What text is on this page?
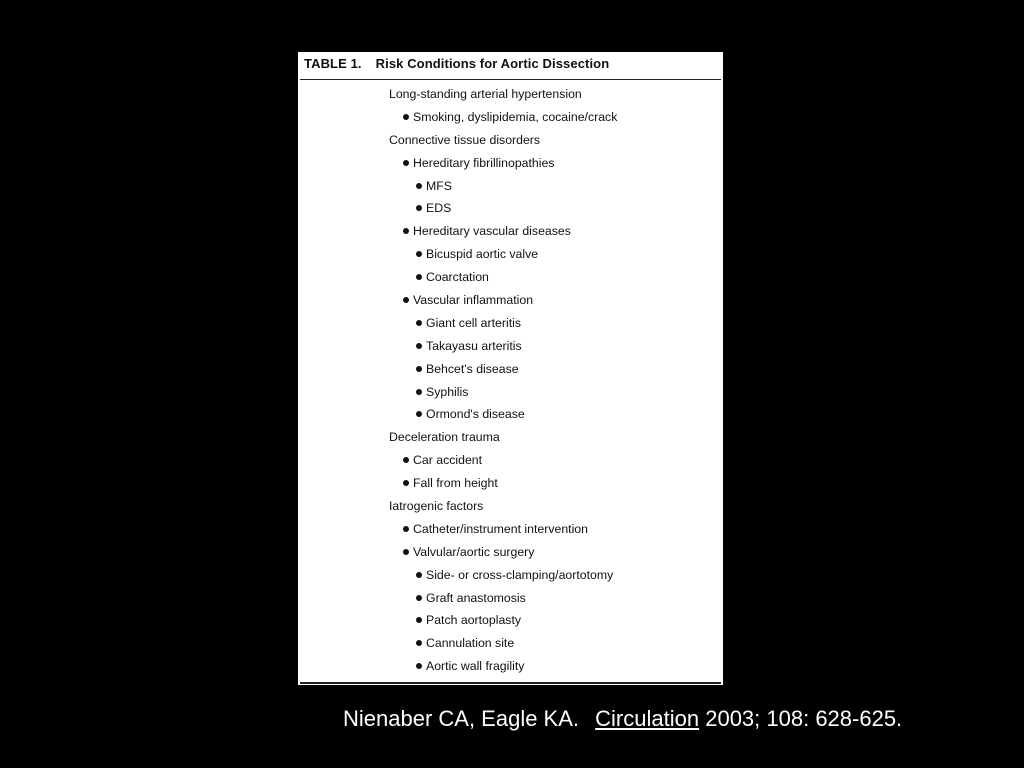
TABLE 1. Risk Conditions for Aortic Dissection
Long-standing arterial hypertension
Smoking, dyslipidemia, cocaine/crack
Connective tissue disorders
Hereditary fibrillinopathies
MFS
EDS
Hereditary vascular diseases
Bicuspid aortic valve
Coarctation
Vascular inflammation
Giant cell arteritis
Takayasu arteritis
Behcet's disease
Syphilis
Ormond's disease
Deceleration trauma
Car accident
Fall from height
Iatrogenic factors
Catheter/instrument intervention
Valvular/aortic surgery
Side- or cross-clamping/aortotomy
Graft anastomosis
Patch aortoplasty
Cannulation site
Aortic wall fragility
Nienaber CA, Eagle KA. Circulation 2003; 108: 628-625.
